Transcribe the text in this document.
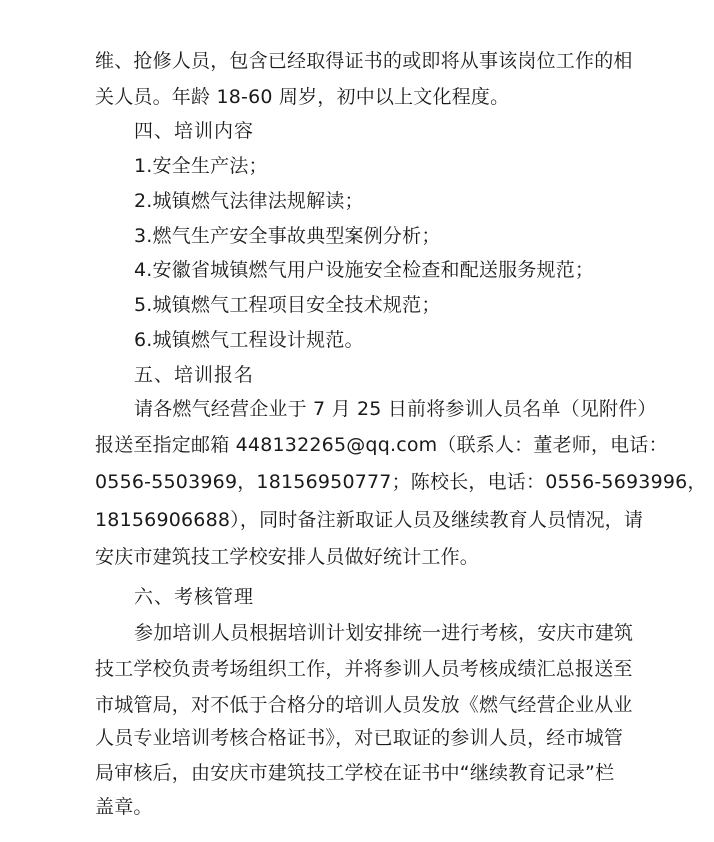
维、抢修人员，包含已经取得证书的或即将从事该岗位工作的相
关人员。年龄 18-60 周岁，初中以上文化程度。
四、培训内容
1.安全生产法；
2.城镇燃气法律法规解读；
3.燃气生产安全事故典型案例分析；
4.安徽省城镇燃气用户设施安全检查和配送服务规范；
5.城镇燃气工程项目安全技术规范；
6.城镇燃气工程设计规范。
五、培训报名
请各燃气经营企业于 7 月 25 日前将参训人员名单（见附件）
报送至指定邮箱 448132265@qq.com（联系人：董老师，电话：
0556-5503969，18156950777；陈校长，电话：0556-5693996，
18156906688），同时备注新取证人员及继续教育人员情况，请
安庆市建筑技工学校安排人员做好统计工作。
六、考核管理
参加培训人员根据培训计划安排统一进行考核，安庆市建筑
技工学校负责考场组织工作，并将参训人员考核成绩汇总报送至
市城管局，对不低于合格分的培训人员发放《燃气经营企业从业
人员专业培训考核合格证书》，对已取证的参训人员，经市城管
局审核后，由安庆市建筑技工学校在证书中“继续教育记录”栏
盖章。
